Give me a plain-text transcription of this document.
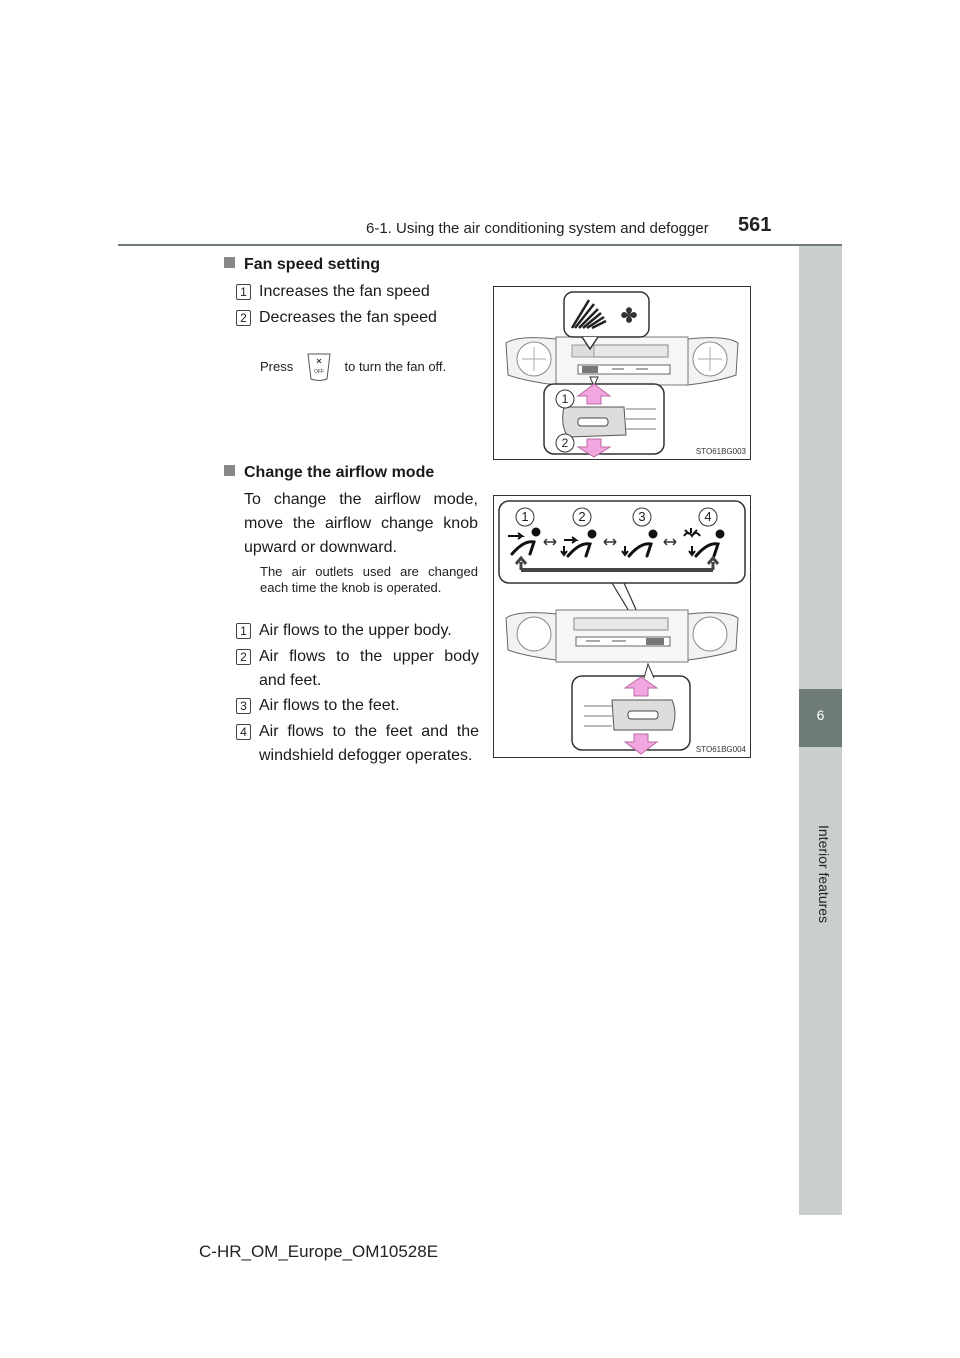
6-1. Using the air conditioning system and defogger 561
6
Interior features
Fan speed setting
1 Increases the fan speed
2 Decreases the fan speed
Press	OFF to turn the fan off.
1
2
STO61BG003
Change the airflow mode
To change the airflow mode, move the airflow change knob upward or downward.
The air outlets used are changed each time the knob is operated.
1 Air flows to the upper body.
2 Air flows to the upper body and feet.
3 Air flows to the feet.
4 Air flows to the feet and the windshield defogger operates.
1	2	3	4
STO61BG004
C-HR_OM_Europe_OM10528E
